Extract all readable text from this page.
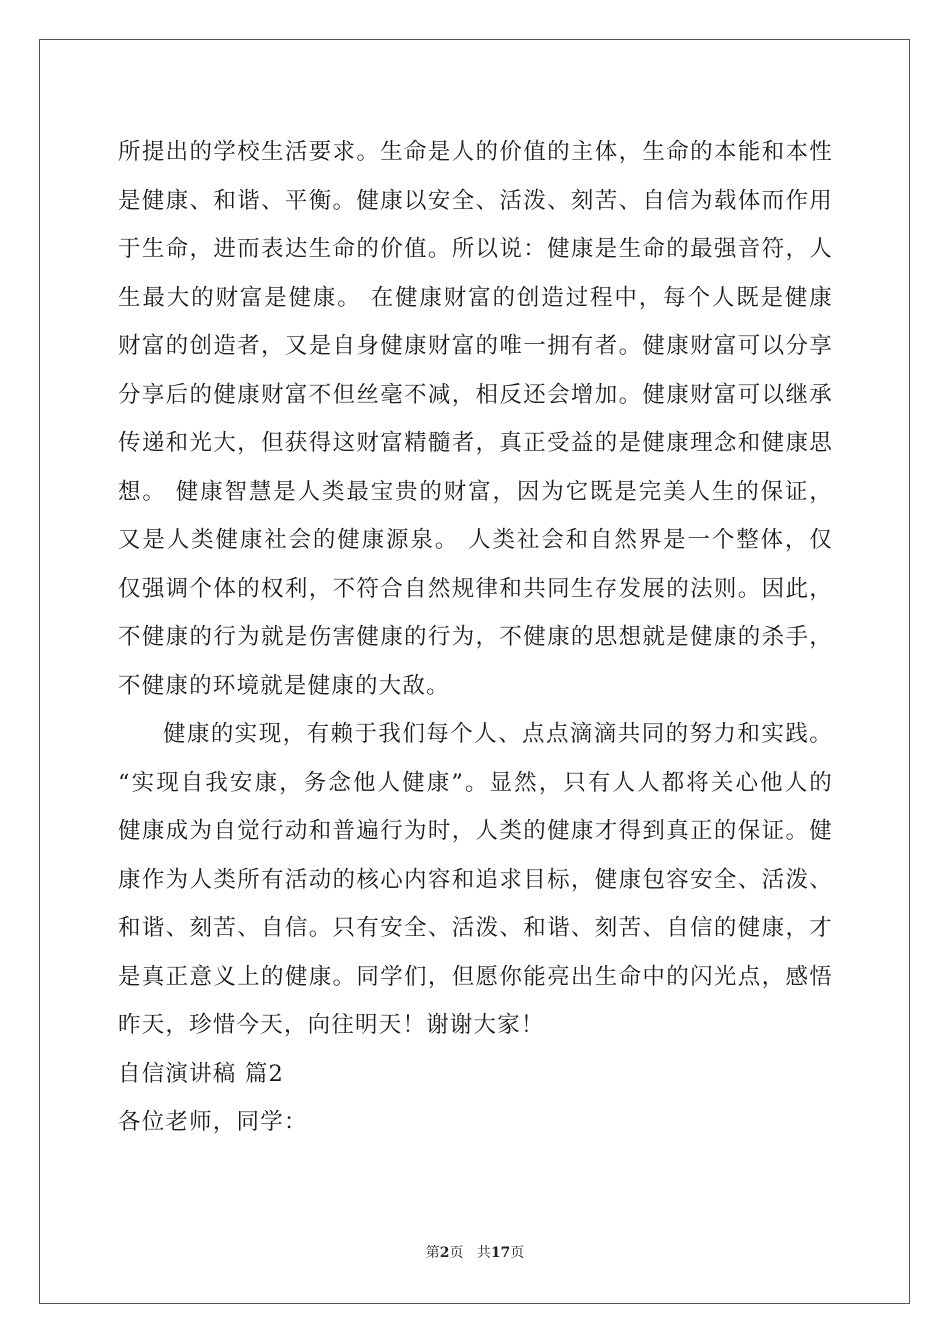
所提出的学校生活要求。生命是人的价值的主体，生命的本能和本性
是健康、和谐、平衡。健康以安全、活泼、刻苦、自信为载体而作用
于生命，进而表达生命的价值。所以说：健康是生命的最强音符，人
生最大的财富是健康。 在健康财富的创造过程中，每个人既是健康
财富的创造者，又是自身健康财富的唯一拥有者。健康财富可以分享
分享后的健康财富不但丝毫不减，相反还会增加。健康财富可以继承
传递和光大，但获得这财富精髓者，真正受益的是健康理念和健康思
想。 健康智慧是人类最宝贵的财富，因为它既是完美人生的保证，
又是人类健康社会的健康源泉。 人类社会和自然界是一个整体，仅
仅强调个体的权利，不符合自然规律和共同生存发展的法则。因此，
不健康的行为就是伤害健康的行为，不健康的思想就是健康的杀手，
不健康的环境就是健康的大敌。

健康的实现，有赖于我们每个人、点点滴滴共同的努力和实践。
“实现自我安康，务念他人健康”。显然，只有人人都将关心他人的
健康成为自觉行动和普遍行为时，人类的健康才得到真正的保证。健
康作为人类所有活动的核心内容和追求目标，健康包容安全、活泼、
和谐、刻苦、自信。只有安全、活泼、和谐、刻苦、自信的健康，才
是真正意义上的健康。同学们，但愿你能亮出生命中的闪光点，感悟
昨天，珍惜今天，向往明天！谢谢大家！

自信演讲稿 篇2

各位老师，同学：

第2页 共17页
